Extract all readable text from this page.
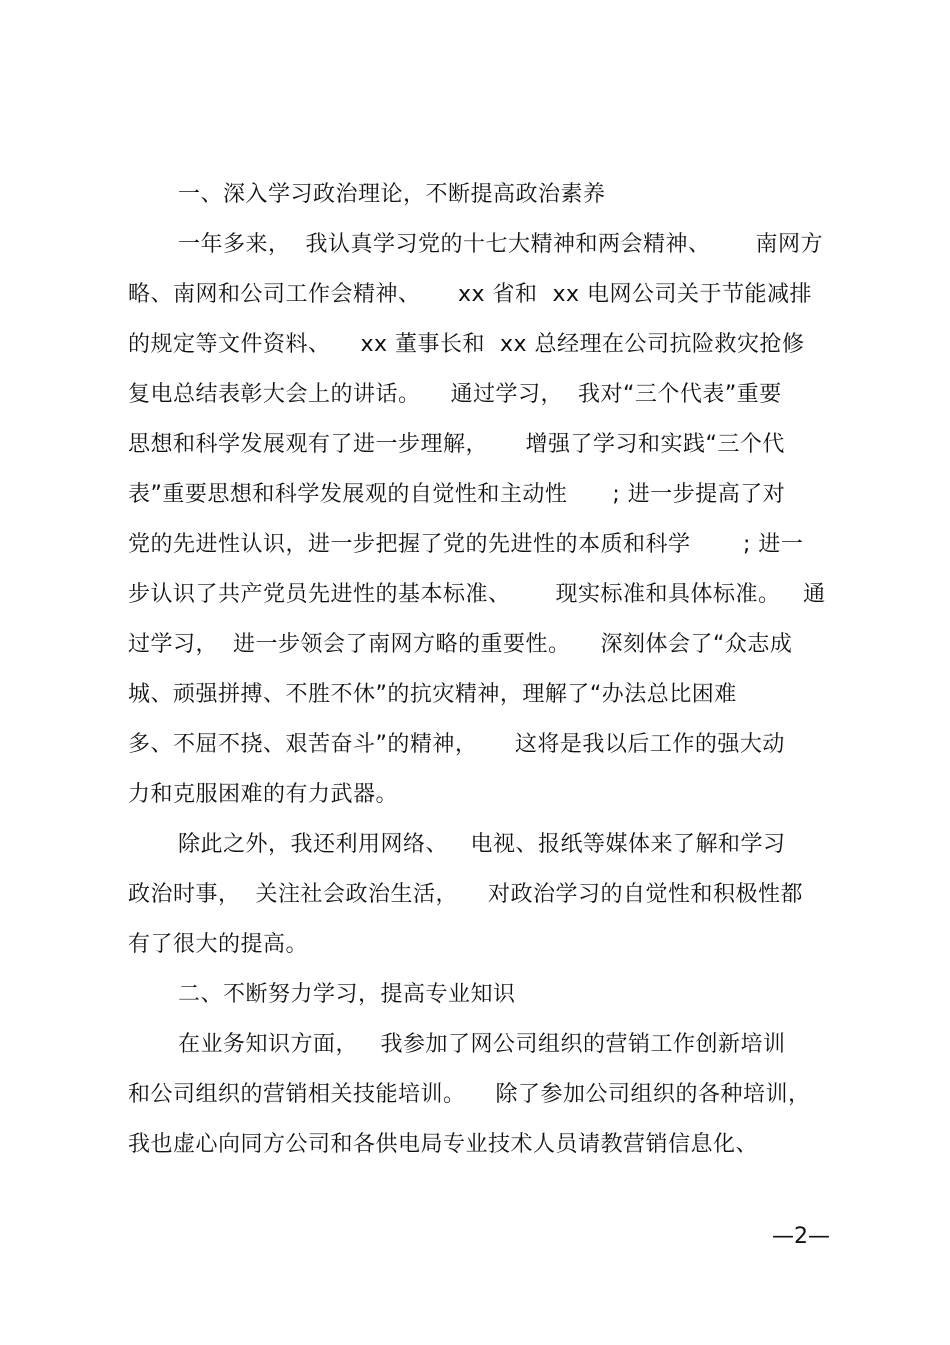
一、深入学习政治理论，不断提高政治素养
一年多来，  我认真学习党的十七大精神和两会精神、      南网方
略、南网和公司工作会精神、     xx 省和  xx 电网公司关于节能减排
的规定等文件资料、    xx 董事长和  xx 总经理在公司抗险救灾抢修
复电总结表彰大会上的讲话。    通过学习，  我对“三个代表”重要
思想和科学发展观有了进一步理解，     增强了学习和实践“三个代
表”重要思想和科学发展观的自觉性和主动性      ; 进一步提高了对
党的先进性认识，进一步把握了党的先进性的本质和科学       ; 进一
步认识了共产党员先进性的基本标准、      现实标准和具体标准。   通
过学习，  进一步领会了南网方略的重要性。    深刻体会了“众志成
城、顽强拼搏、不胜不休”的抗灾精神，理解了“办法总比困难
多、不屈不挠、艰苦奋斗”的精神，     这将是我以后工作的强大动
力和克服困难的有力武器。
除此之外，我还利用网络、   电视、报纸等媒体来了解和学习
政治时事，  关注社会政治生活，    对政治学习的自觉性和积极性都
有了很大的提高。
二、不断努力学习，提高专业知识
在业务知识方面，   我参加了网公司组织的营销工作创新培训
和公司组织的营销相关技能培训。    除了参加公司组织的各种培训，
我也虚心向同方公司和各供电局专业技术人员请教营销信息化、
—2—
